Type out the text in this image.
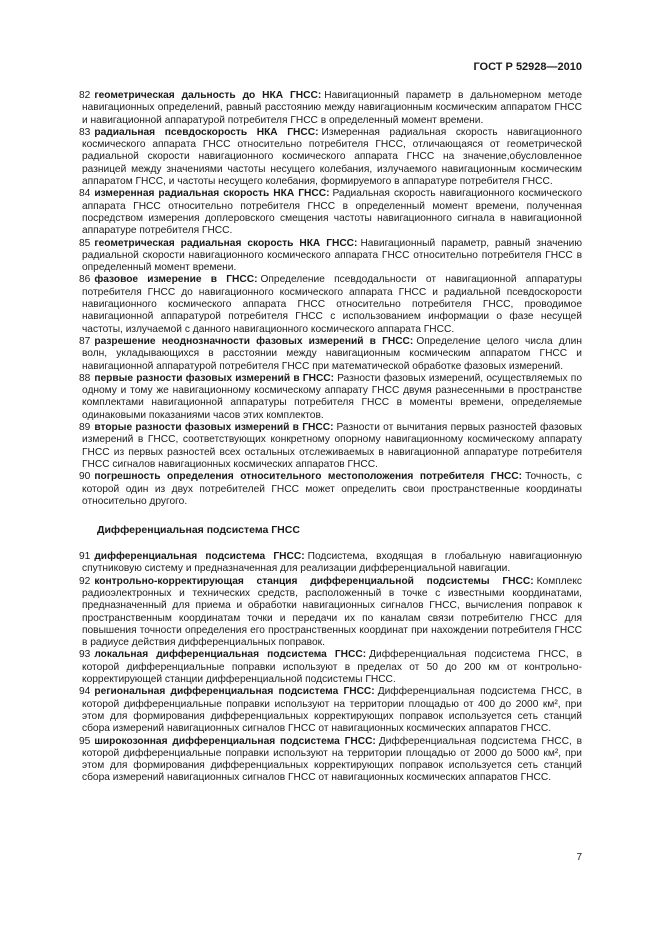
ГОСТ Р 52928—2010

82 геометрическая дальность до НКА ГНСС: Навигационный параметр в дальномерном методе навигационных определений, равный расстоянию между навигационным космическим аппаратом ГНСС и навигационной аппаратурой потребителя ГНСС в определенный момент времени.

83 радиальная псевдоскорость НКА ГНСС: Измеренная радиальная скорость навигационного космического аппарата ГНСС относительно потребителя ГНСС, отличающаяся от геометрической радиальной скорости навигационного космического аппарата ГНСС на значение,обусловленное разницей между значениями частоты несущего колебания, излучаемого навигационным космическим аппаратом ГНСС, и частоты несущего колебания, формируемого в аппаратуре потребителя ГНСС.

84 измеренная радиальная скорость НКА ГНСС: Радиальная скорость навигационного космического аппарата ГНСС относительно потребителя ГНСС в определенный момент времени, полученная посредством измерения доплеровского смещения частоты навигационного сигнала в навигационной аппаратуре потребителя ГНСС.

85 геометрическая радиальная скорость НКА ГНСС: Навигационный параметр, равный значению радиальной скорости навигационного космического аппарата ГНСС относительно потребителя ГНСС в определенный момент времени.

86 фазовое измерение в ГНСС: Определение псевдодальности от навигационной аппаратуры потребителя ГНСС до навигационного космического аппарата ГНСС и радиальной псевдоскорости навигационного космического аппарата ГНСС относительно потребителя ГНСС, проводимое навигационной аппаратурой потребителя ГНСС с использованием информации о фазе несущей частоты, излучаемой с данного навигационного космического аппарата ГНСС.

87 разрешение неоднозначности фазовых измерений в ГНСС: Определение целого числа длин волн, укладывающихся в расстоянии между навигационным космическим аппаратом ГНСС и навигационной аппаратурой потребителя ГНСС при математической обработке фазовых измерений.

88 первые разности фазовых измерений в ГНСС: Разности фазовых измерений, осуществляемых по одному и тому же навигационному космическому аппарату ГНСС двумя разнесенными в пространстве комплектами навигационной аппаратуры потребителя ГНСС в моменты времени, определяемые одинаковыми показаниями часов этих комплектов.

89 вторые разности фазовых измерений в ГНСС: Разности от вычитания первых разностей фазовых измерений в ГНСС, соответствующих конкретному опорному навигационному космическому аппарату ГНСС из первых разностей всех остальных отслеживаемых в навигационной аппаратуре потребителя ГНСС сигналов навигационных космических аппаратов ГНСС.

90 погрешность определения относительного местоположения потребителя ГНСС: Точность, с которой один из двух потребителей ГНСС может определить свои пространственные координаты относительно другого.

Дифференциальная подсистема ГНСС

91 дифференциальная подсистема ГНСС: Подсистема, входящая в глобальную навигационную спутниковую систему и предназначенная для реализации дифференциальной навигации.

92 контрольно-корректирующая станция дифференциальной подсистемы ГНСС: Комплекс радиоэлектронных и технических средств, расположенный в точке с известными координатами, предназначенный для приема и обработки навигационных сигналов ГНСС, вычисления поправок к пространственным координатам точки и передачи их по каналам связи потребителю ГНСС для повышения точности определения его пространственных координат при нахождении потребителя ГНСС в радиусе действия дифференциальных поправок.

93 локальная дифференциальная подсистема ГНСС: Дифференциальная подсистема ГНСС, в которой дифференциальные поправки используют в пределах от 50 до 200 км от контрольно-корректирующей станции дифференциальной подсистемы ГНСС.

94 региональная дифференциальная подсистема ГНСС: Дифференциальная подсистема ГНСС, в которой дифференциальные поправки используют на территории площадью от 400 до 2000 км², при этом для формирования дифференциальных корректирующих поправок используется сеть станций сбора измерений навигационных сигналов ГНСС от навигационных космических аппаратов ГНСС.

95 широкозонная дифференциальная подсистема ГНСС: Дифференциальная подсистема ГНСС, в которой дифференциальные поправки используют на территории площадью от 2000 до 5000 км², при этом для формирования дифференциальных корректирующих поправок используется сеть станций сбора измерений навигационных сигналов ГНСС от навигационных космических аппаратов ГНСС.

7
